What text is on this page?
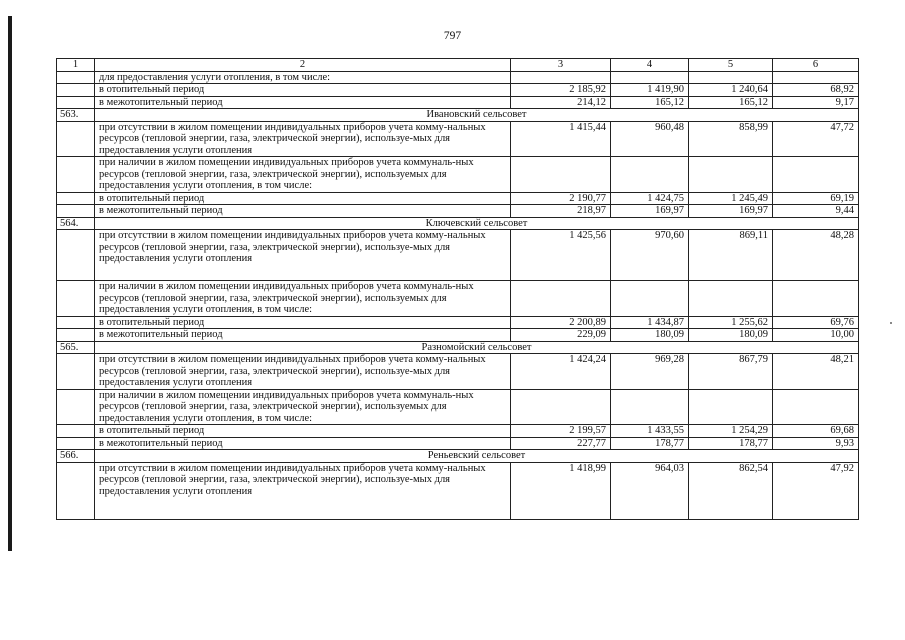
797
1	2	3	4	5	6
	для предоставления услуги отопления, в том числе:				
	в отопительный период	2 185,92	1 419,90	1 240,64	68,92
	в межотопительный период	214,12	165,12	165,12	9,17
563.	Ивановский сельсовет				
	при отсутствии в жилом помещении индивидуальных приборов учета комму-нальных ресурсов (тепловой энергии, газа, электрической энергии), используе-мых для предоставления услуги отопления	1 415,44	960,48	858,99	47,72
	при наличии в жилом помещении индивидуальных приборов учета коммуналь-ных ресурсов (тепловой энергии, газа, электрической энергии), используемых для предоставления услуги отопления, в том числе:				
	в отопительный период	2 190,77	1 424,75	1 245,49	69,19
	в межотопительный период	218,97	169,97	169,97	9,44
564.	Ключевский сельсовет				
	при отсутствии в жилом помещении индивидуальных приборов учета комму-нальных ресурсов (тепловой энергии, газа, электрической энергии), используе-мых для предоставления услуги отопления	1 425,56	970,60	869,11	48,28
	при наличии в жилом помещении индивидуальных приборов учета коммуналь-ных ресурсов (тепловой энергии, газа, электрической энергии), используемых для предоставления услуги отопления, в том числе:				
	в отопительный период	2 200,89	1 434,87	1 255,62	69,76
	в межотопительный период	229,09	180,09	180,09	10,00
565.	Разномойский сельсовет				
	при отсутствии в жилом помещении индивидуальных приборов учета комму-нальных ресурсов (тепловой энергии, газа, электрической энергии), используе-мых для предоставления услуги отопления	1 424,24	969,28	867,79	48,21
	при наличии в жилом помещении индивидуальных приборов учета коммуналь-ных ресурсов (тепловой энергии, газа, электрической энергии), используемых для предоставления услуги отопления, в том числе:				
	в отопительный период	2 199,57	1 433,55	1 254,29	69,68
	в межотопительный период	227,77	178,77	178,77	9,93
566.	Реньевский сельсовет				
	при отсутствии в жилом помещении индивидуальных приборов учета комму-нальных ресурсов (тепловой энергии, газа, электрической энергии), используе-мых для предоставления услуги отопления	1 418,99	964,03	862,54	47,92
